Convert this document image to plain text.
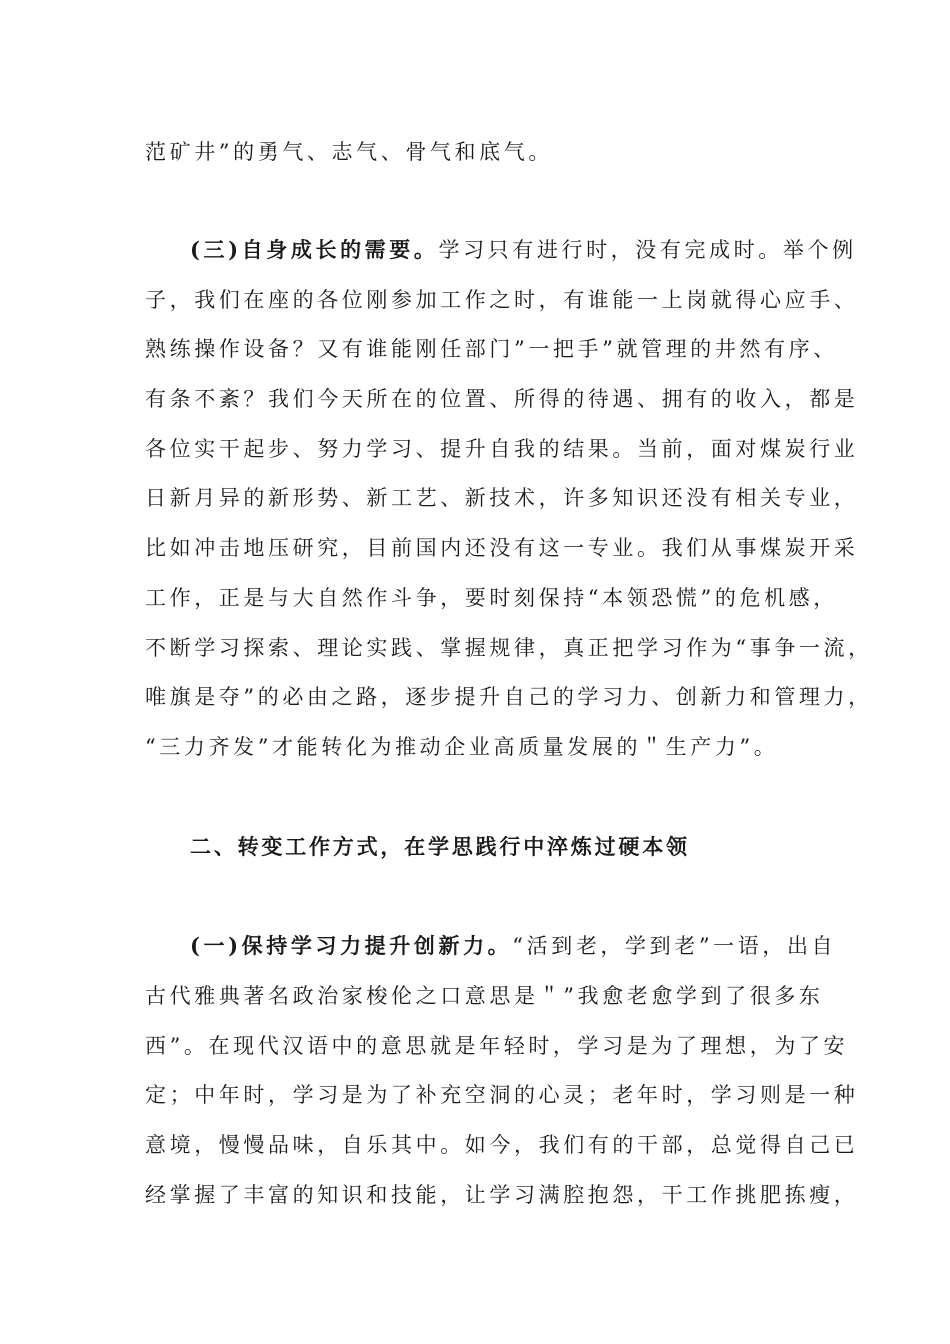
范矿井”的勇气、志气、骨气和底气。
(三)自身成长的需要。学习只有进行时，没有完成时。举个例
子，我们在座的各位刚参加工作之时，有谁能一上岗就得心应手、
熟练操作设备？又有谁能刚任部门”一把手”就管理的井然有序、
有条不紊？我们今天所在的位置、所得的待遇、拥有的收入，都是
各位实干起步、努力学习、提升自我的结果。当前，面对煤炭行业
日新月异的新形势、新工艺、新技术，许多知识还没有相关专业，
比如冲击地压研究，目前国内还没有这一专业。我们从事煤炭开采
工作，正是与大自然作斗争，要时刻保持“本领恐慌”的危机感，
不断学习探索、理论实践、掌握规律，真正把学习作为“事争一流，
唯旗是夺”的必由之路，逐步提升自己的学习力、创新力和管理力，
“三力齐发”才能转化为推动企业高质量发展的＂生产力”。
二、转变工作方式，在学思践行中淬炼过硬本领
(一)保持学习力提升创新力。“活到老，学到老”一语，出自
古代雅典著名政治家梭伦之口意思是＂”我愈老愈学到了很多东
西”。在现代汉语中的意思就是年轻时，学习是为了理想，为了安
定；中年时，学习是为了补充空洞的心灵；老年时，学习则是一种
意境，慢慢品味，自乐其中。如今，我们有的干部，总觉得自己已
经掌握了丰富的知识和技能，让学习满腔抱怨，干工作挑肥拣瘦，
